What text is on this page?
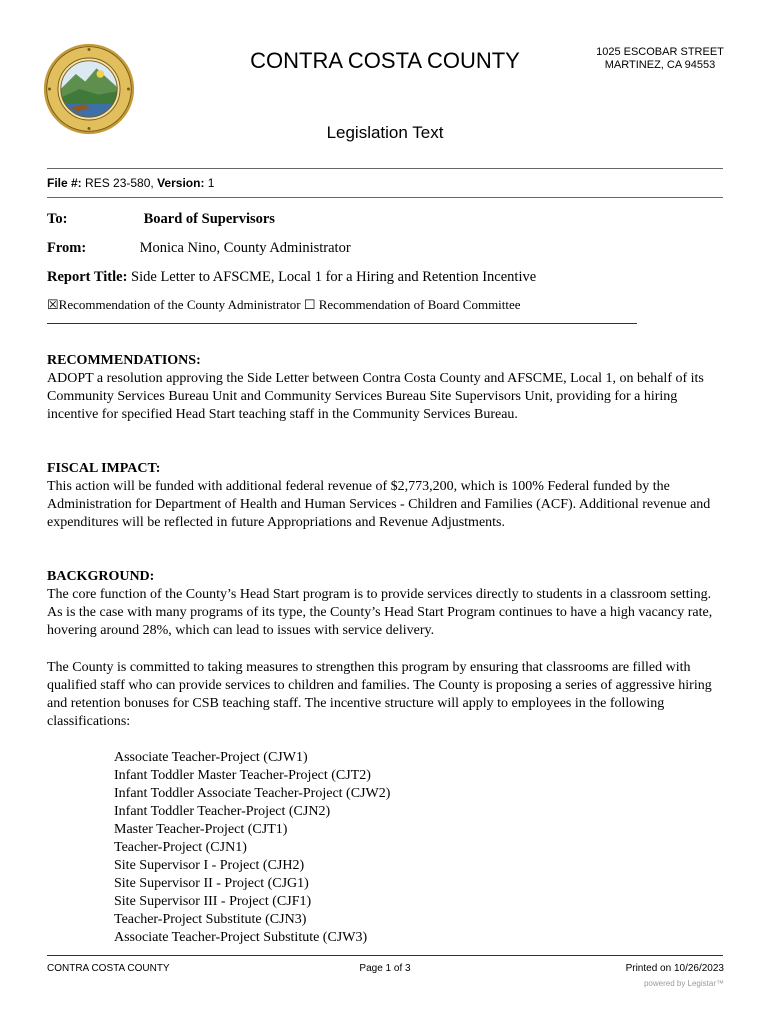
CONTRA COSTA COUNTY	1025 ESCOBAR STREET
MARTINEZ, CA 94553
Legislation Text
File #: RES 23-580, Version: 1
To:	Board of Supervisors
From:	Monica Nino, County Administrator
Report Title: Side Letter to AFSCME, Local 1 for a Hiring and Retention Incentive
☒Recommendation of the County Administrator ☐ Recommendation of Board Committee
RECOMMENDATIONS:

ADOPT a resolution approving the Side Letter between Contra Costa County and AFSCME, Local 1, on behalf of its Community Services Bureau Unit and Community Services Bureau Site Supervisors Unit, providing for a hiring incentive for specified Head Start teaching staff in the Community Services Bureau.

FISCAL IMPACT:

This action will be funded with additional federal revenue of $2,773,200, which is 100% Federal funded by the Administration for Department of Health and Human Services - Children and Families (ACF). Additional revenue and expenditures will be reflected in future Appropriations and Revenue Adjustments.

BACKGROUND:

The core function of the County’s Head Start program is to provide services directly to students in a classroom setting. As is the case with many programs of its type, the County’s Head Start Program continues to have a high vacancy rate, hovering around 28%, which can lead to issues with service delivery.

The County is committed to taking measures to strengthen this program by ensuring that classrooms are filled with qualified staff who can provide services to children and families. The County is proposing a series of aggressive hiring and retention bonuses for CSB teaching staff. The incentive structure will apply to employees in the following classifications:

Associate Teacher-Project (CJW1)
Infant Toddler Master Teacher-Project (CJT2)
Infant Toddler Associate Teacher-Project (CJW2)
Infant Toddler Teacher-Project (CJN2)
Master Teacher-Project (CJT1)
Teacher-Project (CJN1)
Site Supervisor I - Project (CJH2)
Site Supervisor II - Project (CJG1)
Site Supervisor III - Project (CJF1)
Teacher-Project Substitute (CJN3)
Associate Teacher-Project Substitute (CJW3)
CONTRA COSTA COUNTY	Page 1 of 3	Printed on 10/26/2023
powered by Legistar™
